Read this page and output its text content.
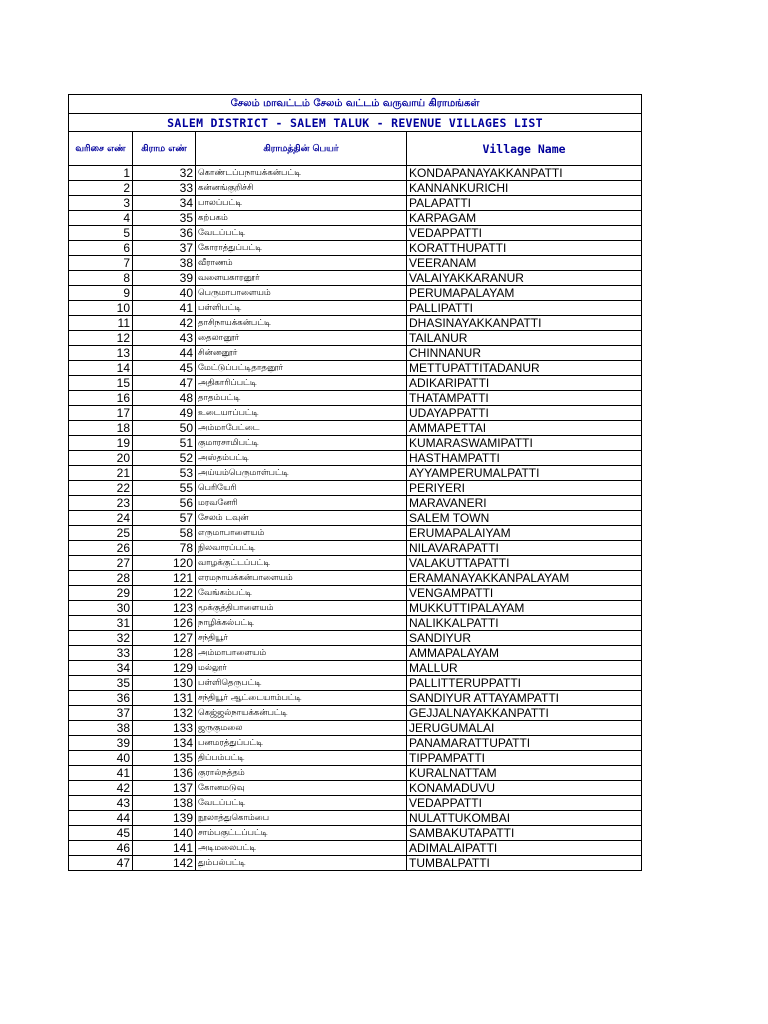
சேலம் மாவட்டம் சேலம் வட்டம் வருவாய் கிராமங்கள்			
SALEM DISTRICT - SALEM TALUK - REVENUE VILLAGES LIST			
வரிசை எண்	கிராம எண்	கிராமத்தின் பெயர்	Village Name
1	32	கொண்டப்பநாயக்கன்பட்டி	KONDAPANAYAKKANPATTI
2	33	கன்னங்குறிச்சி	KANNANKURICHI
3	34	பாலப்பட்டி	PALAPATTI
4	35	கற்பகம்	KARPAGAM
5	36	வேடப்பட்டி	VEDAPPATTI
6	37	கோராத்துப்பட்டி	KORATTHUPATTI
7	38	வீராணம்	VEERANAM
8	39	வளையகாரனூர்	VALAIYAKKARANUR
9	40	பெருமாபாளையம்	PERUMAPALAYAM
10	41	பள்ளிபட்டி	PALLIPATTI
11	42	தாசிநாயக்கன்பட்டி	DHASINAYAKKANPATTI
12	43	தைலானூர்	TAILANUR
13	44	சின்னனூர்	CHINNANUR
14	45	மேட்டுப்பட்டிதாதனூர்	METTUPATTITADANUR
15	47	அதிகாரிப்பட்டி	ADIKARIPATTI
16	48	தாதம்பட்டி	THATAMPATTI
17	49	உடையாப்பட்டி	UDAYAPPATTI
18	50	அம்மாபேட்டை	AMMAPETTAI
19	51	குமாரசாமிபட்டி	KUMARASWAMIPATTI
20	52	அஸ்தம்பட்டி	HASTHAMPATTI
21	53	அய்யம்பெருமாள்பட்டி	AYYAMPERUMALPATTI
22	55	பெரியேரி	PERIYERI
23	56	மரவனேரி	MARAVANERI
24	57	சேலம் டவுன்	SALEM TOWN
25	58	எருமாபாளையம்	ERUMAPALAIYAM
26	78	நிலவாரப்பட்டி	NILAVARAPATTI
27	120	வாழக்குட்டப்பட்டி	VALAKUTTAPATTI
28	121	எரமநாயக்கன்பாளையம்	ERAMANAYAKKANPALAYAM
29	122	வேங்கம்பட்டி	VENGAMPATTI
30	123	மூக்குத்திபாளையம்	MUKKUTTIPALAYAM
31	126	நாழிக்கல்பட்டி	NALIKKALPATTI
32	127	சந்தியூர்	SANDIYUR
33	128	அம்மாபாளையம்	AMMAPALAYAM
34	129	மல்லூர்	MALLUR
35	130	பள்ளிதெருபட்டி	PALLITTERUPPATTI
36	131	சந்தியூர் ஆட்டையாம்பட்டி	SANDIYUR ATTAYAMPATTI
37	132	கெஜ்ஜல்நாயக்கன்பட்டி	GEJJALNAYAKKANPATTI
38	133	ஜருகுமலை	JERUGUMALAI
39	134	பனமரத்துப்பட்டி	PANAMARATTUPATTI
40	135	திப்பம்பட்டி	TIPPAMPATTI
41	136	குரால்நத்தம்	KURALNATTAM
42	137	கோனமடுவு	KONAMADUVU
43	138	வேடப்பட்டி	VEDAPPATTI
44	139	நூலாத்துகொம்பை	NULATTUKOMBAI
45	140	சாம்பகுட்டப்பட்டி	SAMBAKUTAPATTI
46	141	அடிமலைபட்டி	ADIMALAIPATTI
47	142	தும்பல்பட்டி	TUMBALPATTI
